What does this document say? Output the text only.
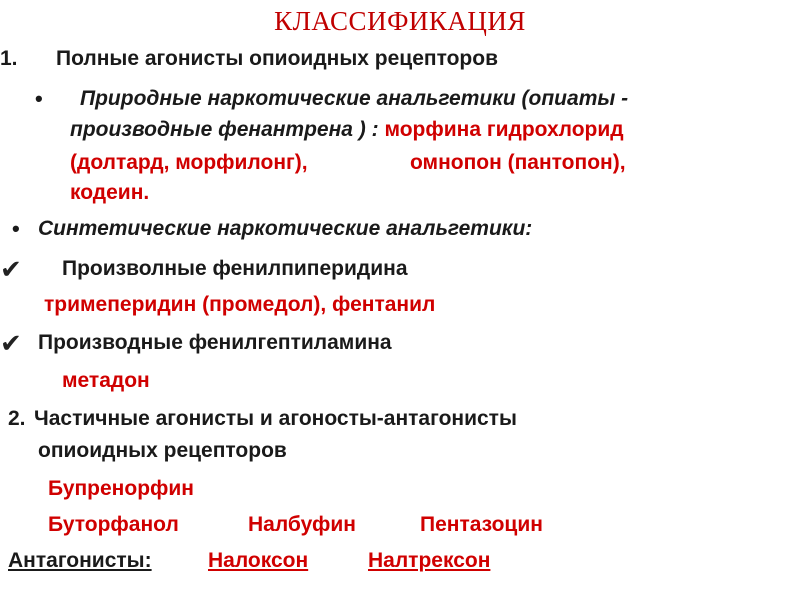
КЛАССИФИКАЦИЯ
1. Полные агонисты опиоидных рецепторов
• Природные наркотические анальгетики (опиаты -
производные фенантрена ) : морфина гидрохлорид
(долтард, морфилонг),	омнопон (пантопон),
кодеин.
• Синтетические наркотические анальгетики:
✔ Произволные фенилпиперидина
тримеперидин (промедол), фентанил
✔ Производные фенилгептиламина
метадон
2. Частичные агонисты и агоносты-антагонисты
опиоидных рецепторов
Бупренорфин
Буторфанол	Налбуфин	Пентазоцин
Антагонисты:	Налоксон	Налтрексон
